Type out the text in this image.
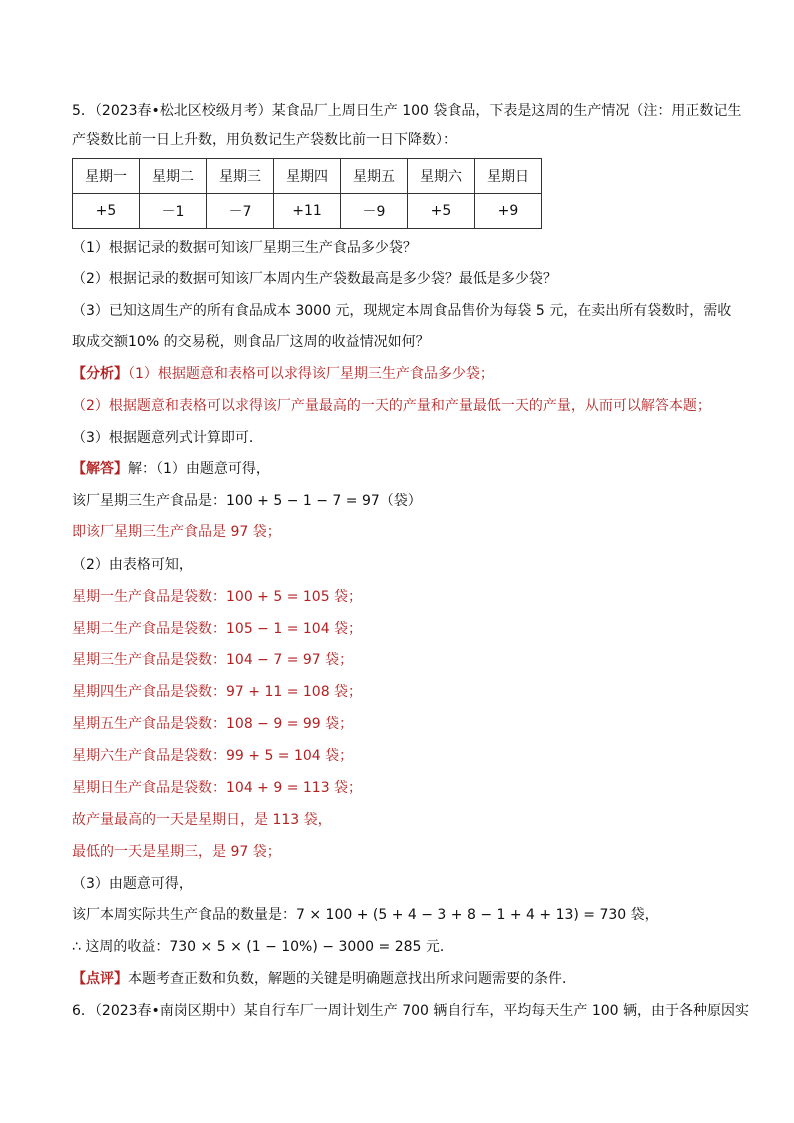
5．（2023春•松北区校级月考）某食品厂上周日生产 100 袋食品，下表是这周的生产情况（注：用正数记生
产袋数比前一日上升数，用负数记生产袋数比前一日下降数）：
星期一	星期二	星期三	星期四	星期五	星期六	星期日
+5	－1	－7	+11	－9	+5	+9
（1）根据记录的数据可知该厂星期三生产食品多少袋？
（2）根据记录的数据可知该厂本周内生产袋数最高是多少袋？最低是多少袋？
（3）已知这周生产的所有食品成本 3000 元，现规定本周食品售价为每袋 5 元，在卖出所有袋数时，需收
取成交额10% 的交易税，则食品厂这周的收益情况如何？
【分析】（1）根据题意和表格可以求得该厂星期三生产食品多少袋；
（2）根据题意和表格可以求得该厂产量最高的一天的产量和产量最低一天的产量，从而可以解答本题；
（3）根据题意列式计算即可．
【解答】解：（1）由题意可得，
该厂星期三生产食品是：100 + 5 − 1 − 7 = 97（袋）
即该厂星期三生产食品是 97 袋；
（2）由表格可知，
星期一生产食品是袋数：100 + 5 = 105 袋；
星期二生产食品是袋数：105 − 1 = 104 袋；
星期三生产食品是袋数：104 − 7 = 97 袋；
星期四生产食品是袋数：97 + 11 = 108 袋；
星期五生产食品是袋数：108 − 9 = 99 袋；
星期六生产食品是袋数：99 + 5 = 104 袋；
星期日生产食品是袋数：104 + 9 = 113 袋；
故产量最高的一天是星期日，是 113 袋，
最低的一天是星期三，是 97 袋；
（3）由题意可得，
该厂本周实际共生产食品的数量是：7 × 100 + (5 + 4 − 3 + 8 − 1 + 4 + 13) = 730 袋，
∴ 这周的收益：730 × 5 × (1 − 10%) − 3000 = 285 元．
【点评】本题考查正数和负数，解题的关键是明确题意找出所求问题需要的条件．
6．（2023春•南岗区期中）某自行车厂一周计划生产 700 辆自行车，平均每天生产 100 辆，由于各种原因实
